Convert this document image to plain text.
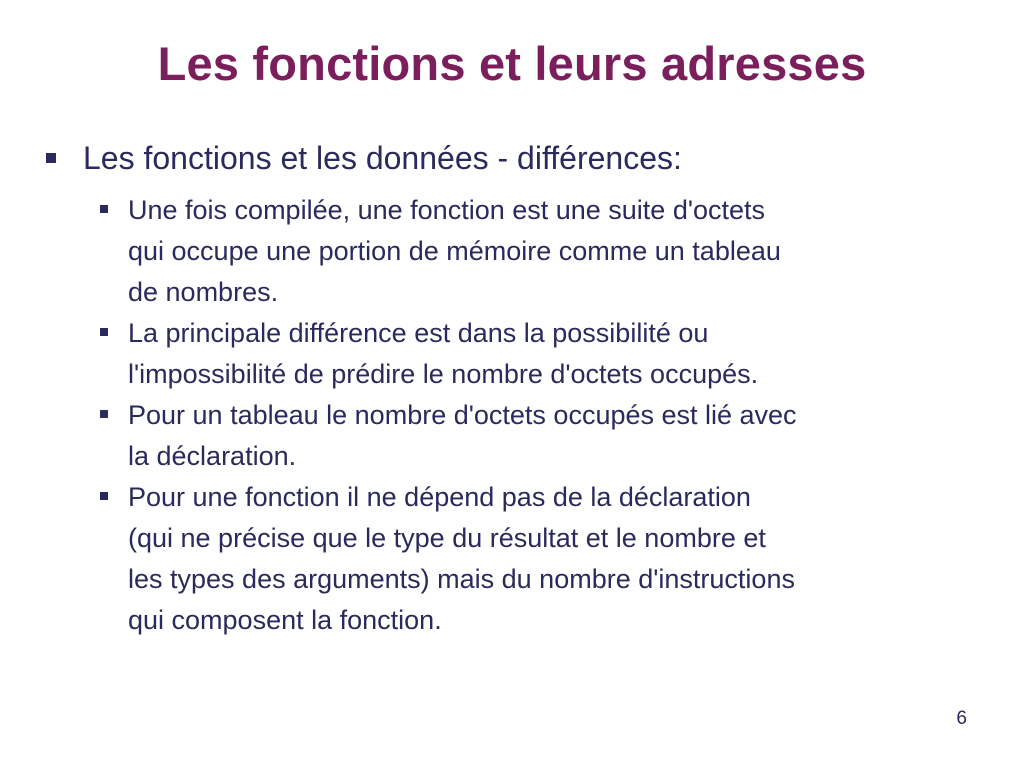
Les fonctions et leurs adresses
Les fonctions et les données - différences:
Une fois compilée, une fonction est une suite d'octets
qui occupe une portion de mémoire comme un tableau
de nombres.
La principale différence est dans la possibilité ou
l'impossibilité de prédire le nombre d'octets occupés.
Pour un tableau le nombre d'octets occupés est lié avec
la déclaration.
Pour une fonction il ne dépend pas de la déclaration
(qui ne précise que le type du résultat et le nombre et
les types des arguments) mais du nombre d'instructions
qui composent la fonction.
6
